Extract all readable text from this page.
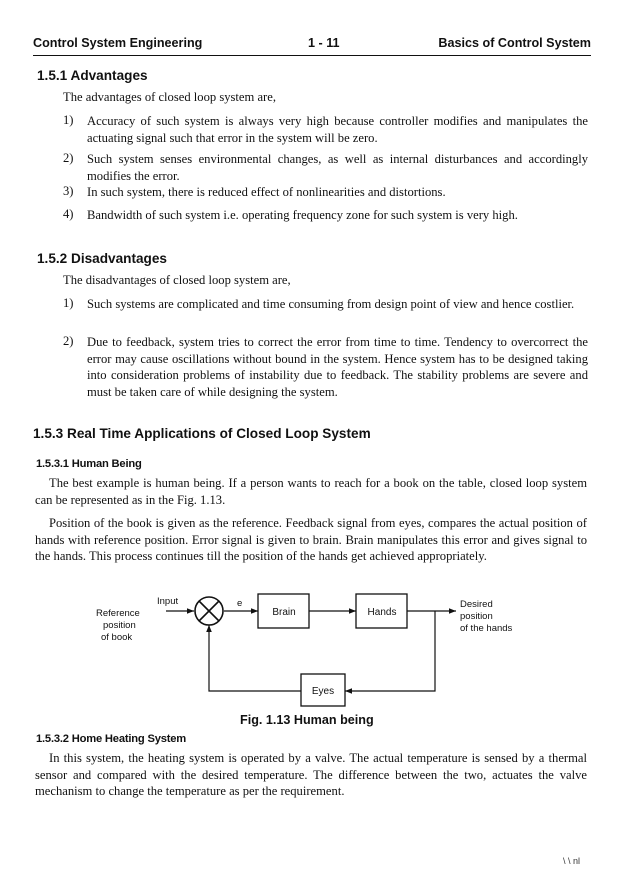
Control System Engineering	1 - 11	Basics of Control System
1.5.1 Advantages
The advantages of closed loop system are,
1) Accuracy of such system is always very high because controller modifies and manipulates the actuating signal such that error in the system will be zero.
2) Such system senses environmental changes, as well as internal disturbances and accordingly modifies the error.
3) In such system, there is reduced effect of nonlinearities and distortions.
4) Bandwidth of such system i.e. operating frequency zone for such system is very high.
1.5.2 Disadvantages
The disadvantages of closed loop system are,
1) Such systems are complicated and time consuming from design point of view and hence costlier.
2) Due to feedback, system tries to correct the error from time to time. Tendency to overcorrect the error may cause oscillations without bound in the system. Hence system has to be designed taking into consideration problems of instability due to feedback. The stability problems are severe and must be taken care of while designing the system.
1.5.3 Real Time Applications of Closed Loop System
1.5.3.1 Human Being
The best example is human being. If a person wants to reach for a book on the table, closed loop system can be represented as in the Fig. 1.13.
Position of the book is given as the reference. Feedback signal from eyes, compares the actual position of hands with reference position. Error signal is given to brain. Brain manipulates this error and gives signal to the hands. This process continues till the position of the hands get achieved appropriately.
Reference
position
of book
Input	e	Desired
position
of the hands
Brain	Hands
Eyes
Fig. 1.13 Human being
1.5.3.2 Home Heating System
In this system, the heating system is operated by a valve. The actual temperature is sensed by a thermal sensor and compared with the desired temperature. The difference between the two, actuates the valve mechanism to change the temperature as per the requirement.
\ \ nl
